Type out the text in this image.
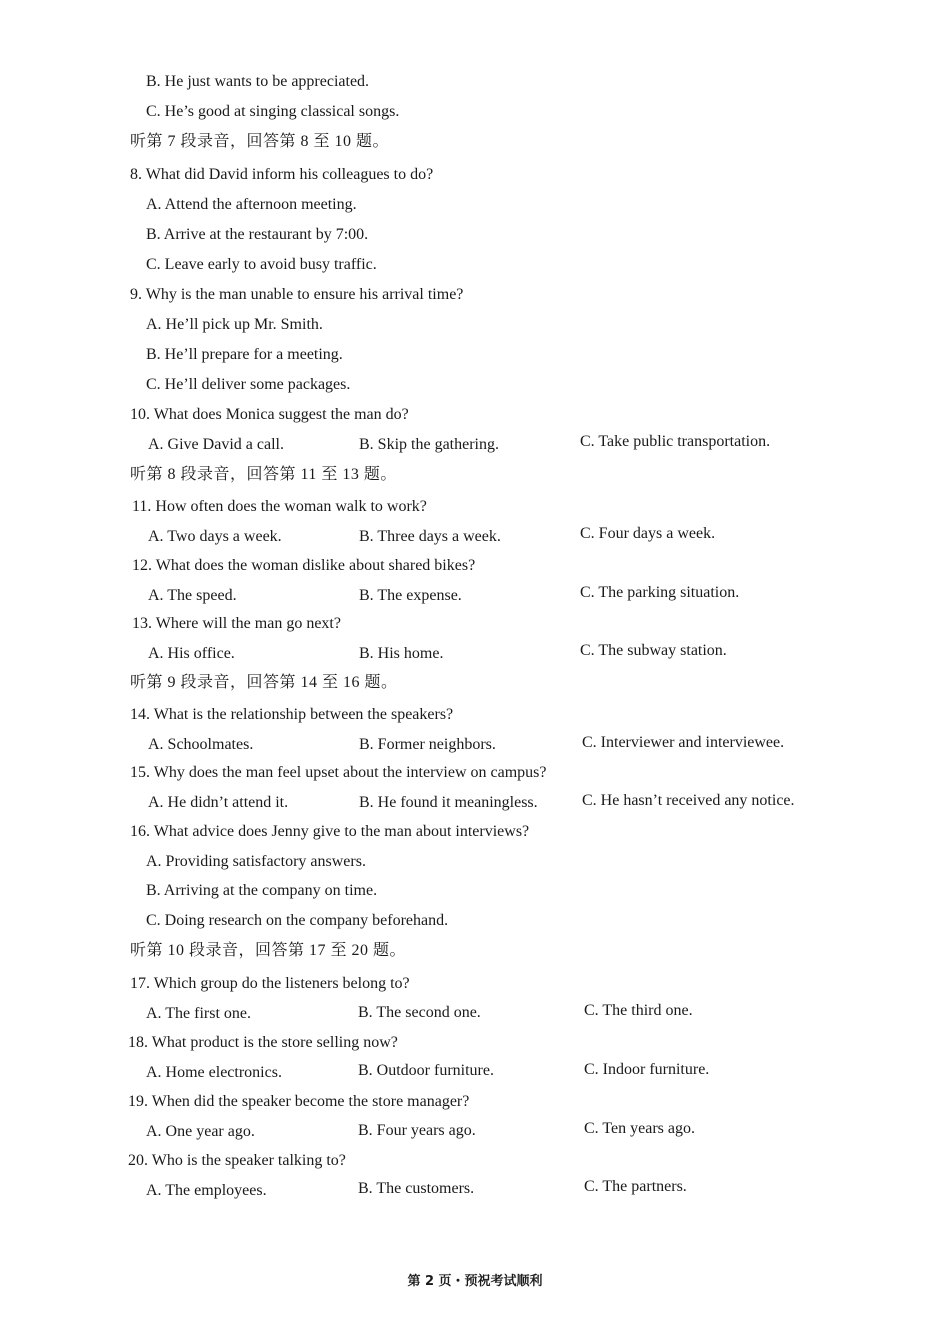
B. He just wants to be appreciated.
C. He’s good at singing classical songs.
听第 7 段录音，回答第 8 至 10 题。
8. What did David inform his colleagues to do?
A. Attend the afternoon meeting.
B. Arrive at the restaurant by 7:00.
C. Leave early to avoid busy traffic.
9. Why is the man unable to ensure his arrival time?
A. He’ll pick up Mr. Smith.
B. He’ll prepare for a meeting.
C. He’ll deliver some packages.
10. What does Monica suggest the man do?
A. Give David a call.	B. Skip the gathering.	C. Take public transportation.
听第 8 段录音，回答第 11 至 13 题。
11. How often does the woman walk to work?
A. Two days a week.	B. Three days a week.	C. Four days a week.
12. What does the woman dislike about shared bikes?
A. The speed.	B. The expense.	C. The parking situation.
13. Where will the man go next?
A. His office.	B. His home.	C. The subway station.
听第 9 段录音，回答第 14 至 16 题。
14. What is the relationship between the speakers?
A. Schoolmates.	B. Former neighbors.	C. Interviewer and interviewee.
15. Why does the man feel upset about the interview on campus?
A. He didn’t attend it.	B. He found it meaningless.	C. He hasn’t received any notice.
16. What advice does Jenny give to the man about interviews?
A. Providing satisfactory answers.
B. Arriving at the company on time.
C. Doing research on the company beforehand.
听第 10 段录音，回答第 17 至 20 题。
17. Which group do the listeners belong to?
A. The first one.	B. The second one.	C. The third one.
18. What product is the store selling now?
A. Home electronics.	B. Outdoor furniture.	C. Indoor furniture.
19. When did the speaker become the store manager?
A. One year ago.	B. Four years ago.	C. Ten years ago.
20. Who is the speaker talking to?
A. The employees.	B. The customers.	C. The partners.
第 2 页・预祝考试顺利
